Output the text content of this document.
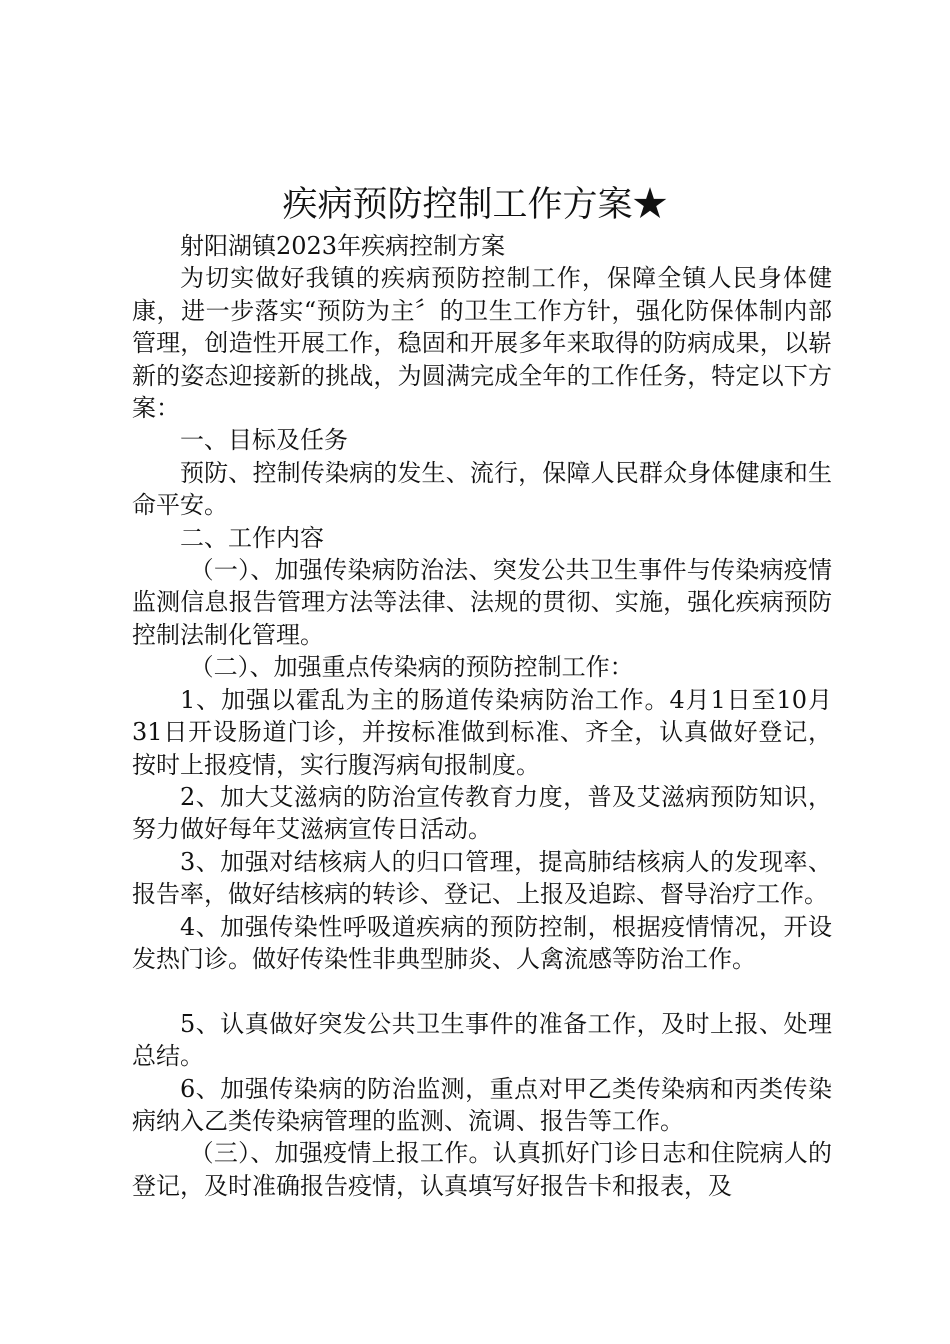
疾病预防控制工作方案★

射阳湖镇2023年疾病控制方案

为切实做好我镇的疾病预防控制工作，保障全镇人民身体健康，进一步落实“预防为主〞的卫生工作方针，强化防保体制内部管理，创造性开展工作，稳固和开展多年来取得的防病成果，以崭新的姿态迎接新的挑战，为圆满完成全年的工作任务，特定以下方案：

一、目标及任务

预防、控制传染病的发生、流行，保障人民群众身体健康和生命平安。

二、工作内容

（一）、加强传染病防治法、突发公共卫生事件与传染病疫情监测信息报告管理方法等法律、法规的贯彻、实施，强化疾病预防控制法制化管理。

（二）、加强重点传染病的预防控制工作：

1、加强以霍乱为主的肠道传染病防治工作。4月1日至10月31日开设肠道门诊，并按标准做到标准、齐全，认真做好登记，按时上报疫情，实行腹泻病旬报制度。

2、加大艾滋病的防治宣传教育力度，普及艾滋病预防知识，努力做好每年艾滋病宣传日活动。

3、加强对结核病人的归口管理，提高肺结核病人的发现率、报告率，做好结核病的转诊、登记、上报及追踪、督导治疗工作。

4、加强传染性呼吸道疾病的预防控制，根据疫情情况，开设发热门诊。做好传染性非典型肺炎、人禽流感等防治工作。

5、认真做好突发公共卫生事件的准备工作，及时上报、处理总结。

6、加强传染病的防治监测，重点对甲乙类传染病和丙类传染病纳入乙类传染病管理的监测、流调、报告等工作。

（三）、加强疫情上报工作。认真抓好门诊日志和住院病人的登记，及时准确报告疫情，认真填写好报告卡和报表，及
